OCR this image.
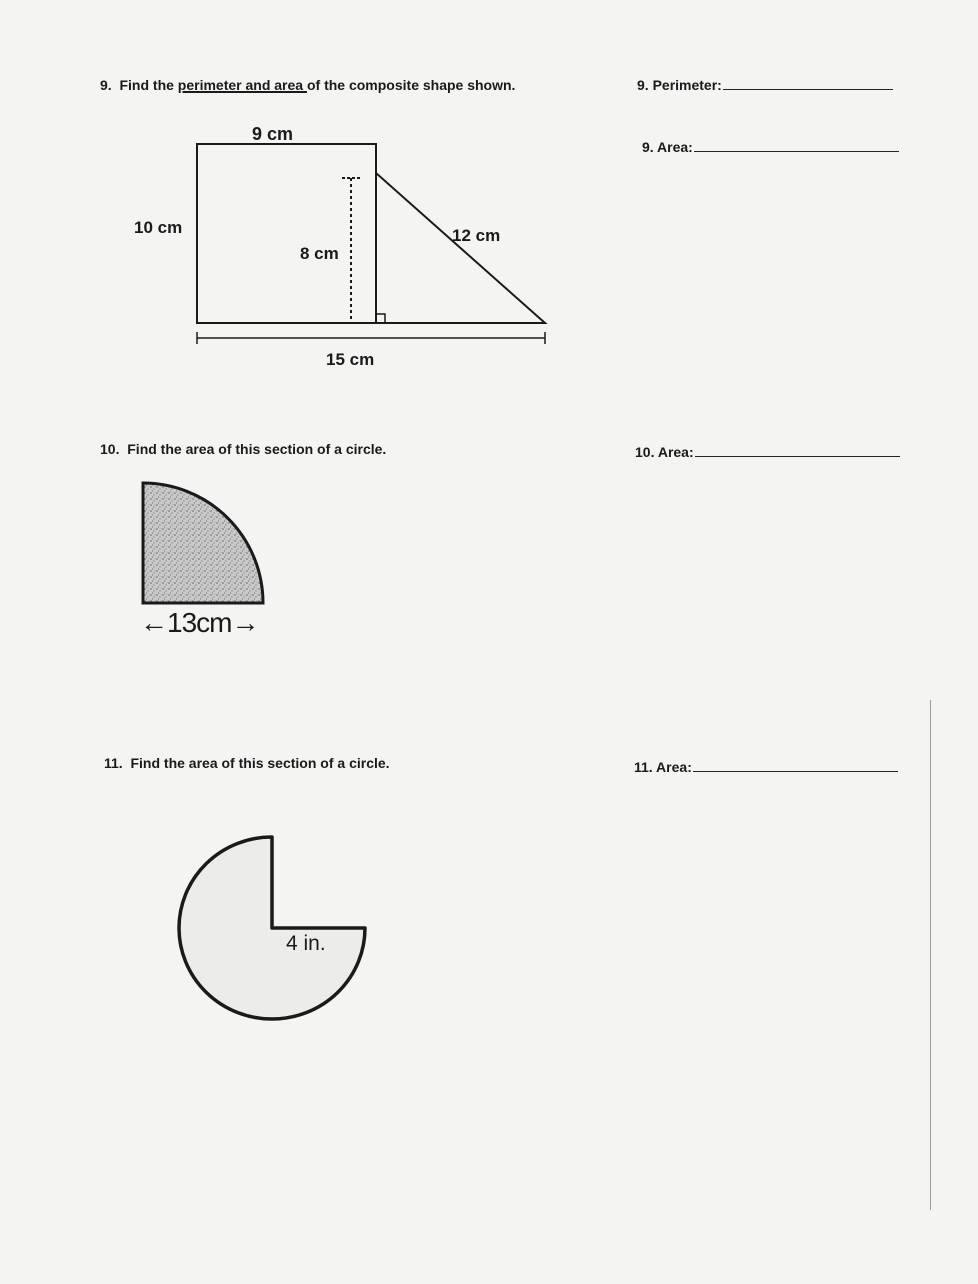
9. Find the perimeter and area of the composite shape shown.	9. Perimeter:
9. Area:
9 cm
10 cm
8 cm
12 cm
15 cm
10. Find the area of this section of a circle.	10. Area:
←13cm→
11. Find the area of this section of a circle.	11. Area:
4 in.
